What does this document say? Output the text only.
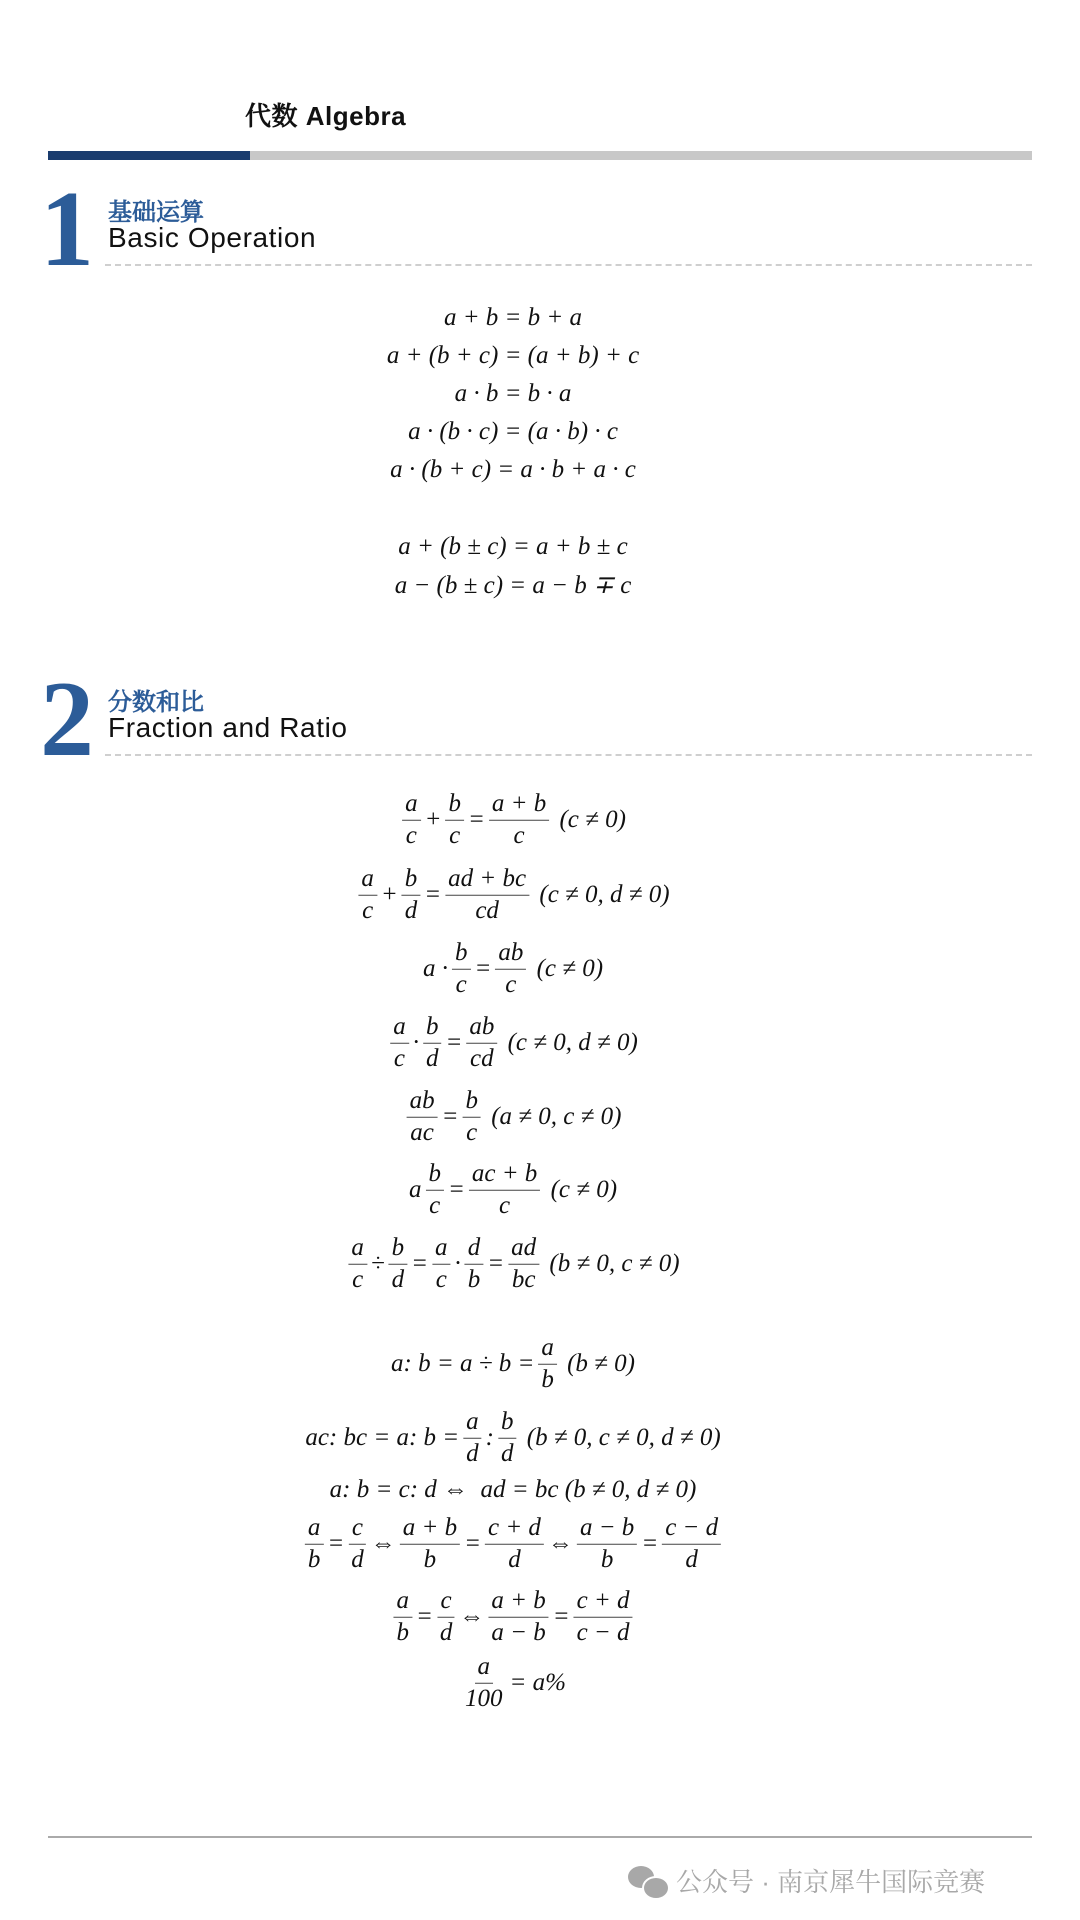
代数 Algebra
1 基础运算
Basic Operation
2 分数和比
Fraction and Ratio
a + b = b + a
a + (b + c) = (a + b) + c
a · b = b · a
a · (b · c) = (a · b) · c
a · (b + c) = a · b + a · c
a + (b ± c) = a + b ± c
a − (b ± c) = a − b ∓ c
$\frac{a}{c} + \frac{b}{c} = \frac{a + b}{c} (c \ne 0)$
$\frac{a}{c} + \frac{b}{d} = \frac{ad + bc}{cd} (c \ne 0$, d ≠ 0)
$a \cdot \frac{b}{c} = \frac{ab}{c} (c \ne 0)$
$\frac{a}{c} \cdot \frac{b}{d} = \frac{ab}{cd} (c \ne 0$, d ≠ 0)
$\frac{ab}{ac} = \frac{b}{c} (a \ne 0$, c ≠ 0)
a $\frac{b}{c} = \frac{ac + b}{c} (c \ne 0)$
$\frac{a}{c} \div \frac{b}{d} = \frac{a}{c} \cdot \frac{d}{b} = \frac{ad}{bc} (b \ne 0$, c ≠ 0)
a: $b = a \div b = \frac{a}{b} (b \ne 0)$
ac: bc = a: $b = \frac{a}{d}$ : $\frac{b}{d} (b \ne 0$, c ≠ 0, d ≠ 0)
a: b = c: d ⇔  ad = bc (b ≠ 0, d ≠ 0)
$\frac{a}{b} = \frac{c}{d}$ ⇔ $\frac{a + b}{b} = \frac{c + d}{d}$ ⇔ $\frac{a - b}{b} = \frac{c - d}{d}$
$\frac{a}{b} = \frac{c}{d}$ ⇔ $\frac{a + b}{a - b} = \frac{c + d}{c - d}$
$\frac{a}{100} = a\%$
公众号 · 南京犀牛国际竞赛
